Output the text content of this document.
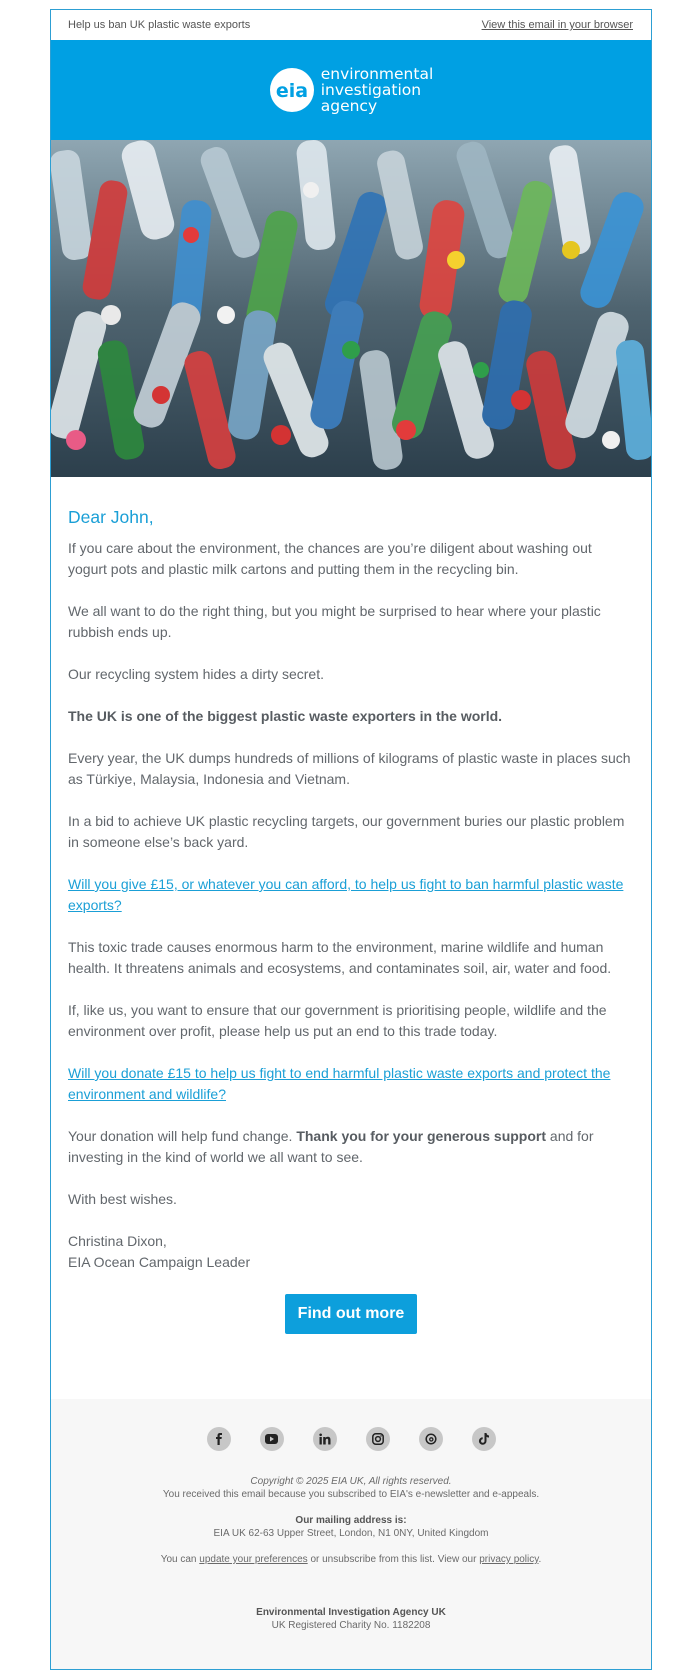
Help us ban UK plastic waste exports	View this email in your browser
eia
environmental
investigation
agency
Dear John,

If you care about the environment, the chances are you’re diligent about washing out yogurt pots and plastic milk cartons and putting them in the recycling bin.

We all want to do the right thing, but you might be surprised to hear where your plastic rubbish ends up.

Our recycling system hides a dirty secret.

The UK is one of the biggest plastic waste exporters in the world.

Every year, the UK dumps hundreds of millions of kilograms of plastic waste in places such as Türkiye, Malaysia, Indonesia and Vietnam.

In a bid to achieve UK plastic recycling targets, our government buries our plastic problem in someone else’s back yard.

Will you give £15, or whatever you can afford, to help us fight to ban harmful plastic waste exports?

This toxic trade causes enormous harm to the environment, marine wildlife and human health. It threatens animals and ecosystems, and contaminates soil, air, water and food.

If, like us, you want to ensure that our government is prioritising people, wildlife and the environment over profit, please help us put an end to this trade today.

Will you donate £15 to help us fight to end harmful plastic waste exports and protect the environment and wildlife?

Your donation will help fund change. Thank you for your generous support and for investing in the kind of world we all want to see.

With best wishes.

Christina Dixon,
EIA Ocean Campaign Leader

Find out more
Copyright © 2025 EIA UK, All rights reserved.
You received this email because you subscribed to EIA's e-newsletter and e-appeals.
Our mailing address is:
EIA UK 62-63 Upper Street, London, N1 0NY, United Kingdom
You can update your preferences or unsubscribe from this list. View our privacy policy.
Environmental Investigation Agency UK
UK Registered Charity No. 1182208
